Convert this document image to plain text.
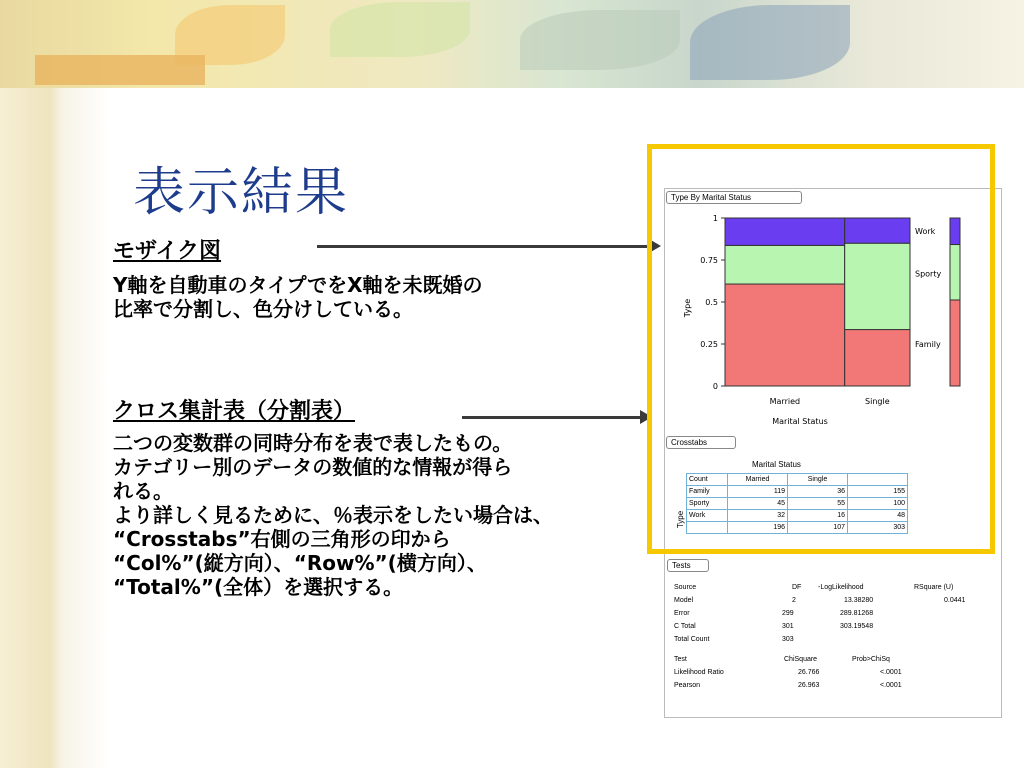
表示結果
モザイク図
Y軸を自動車のタイプでをX軸を未既婚の
比率で分割し、色分けしている。
クロス集計表（分割表）
二つの変数群の同時分布を表で表したもの。
カテゴリー別のデータの数値的な情報が得ら
れる。
より詳しく見るために、％表示をしたい場合は、
“Crosstabs”右側の三角形の印から
“Col%”(縦方向）、“Row%”(横方向）、
“Total%”(全体）を選択する。
Type By Marital Status
Type
1
0.75
0.5
0.25
0
Married	Single
Marital Status
Work
Sporty
Family
Crosstabs
Marital Status
Type
Count	Married	Single	
Family	119	36	155
Sporty	45	55	100
Work	32	16	48
	196	107	303
Tests
Source	DF -LogLikelihood	RSquare (U)
Model	2	13.38280	0.0441
Error	299	289.81268
C Total	301	303.19548
Total Count	303
Test	ChiSquare	Prob>ChiSq
Likelihood Ratio	26.766	<.0001
Pearson	26.963	<.0001
